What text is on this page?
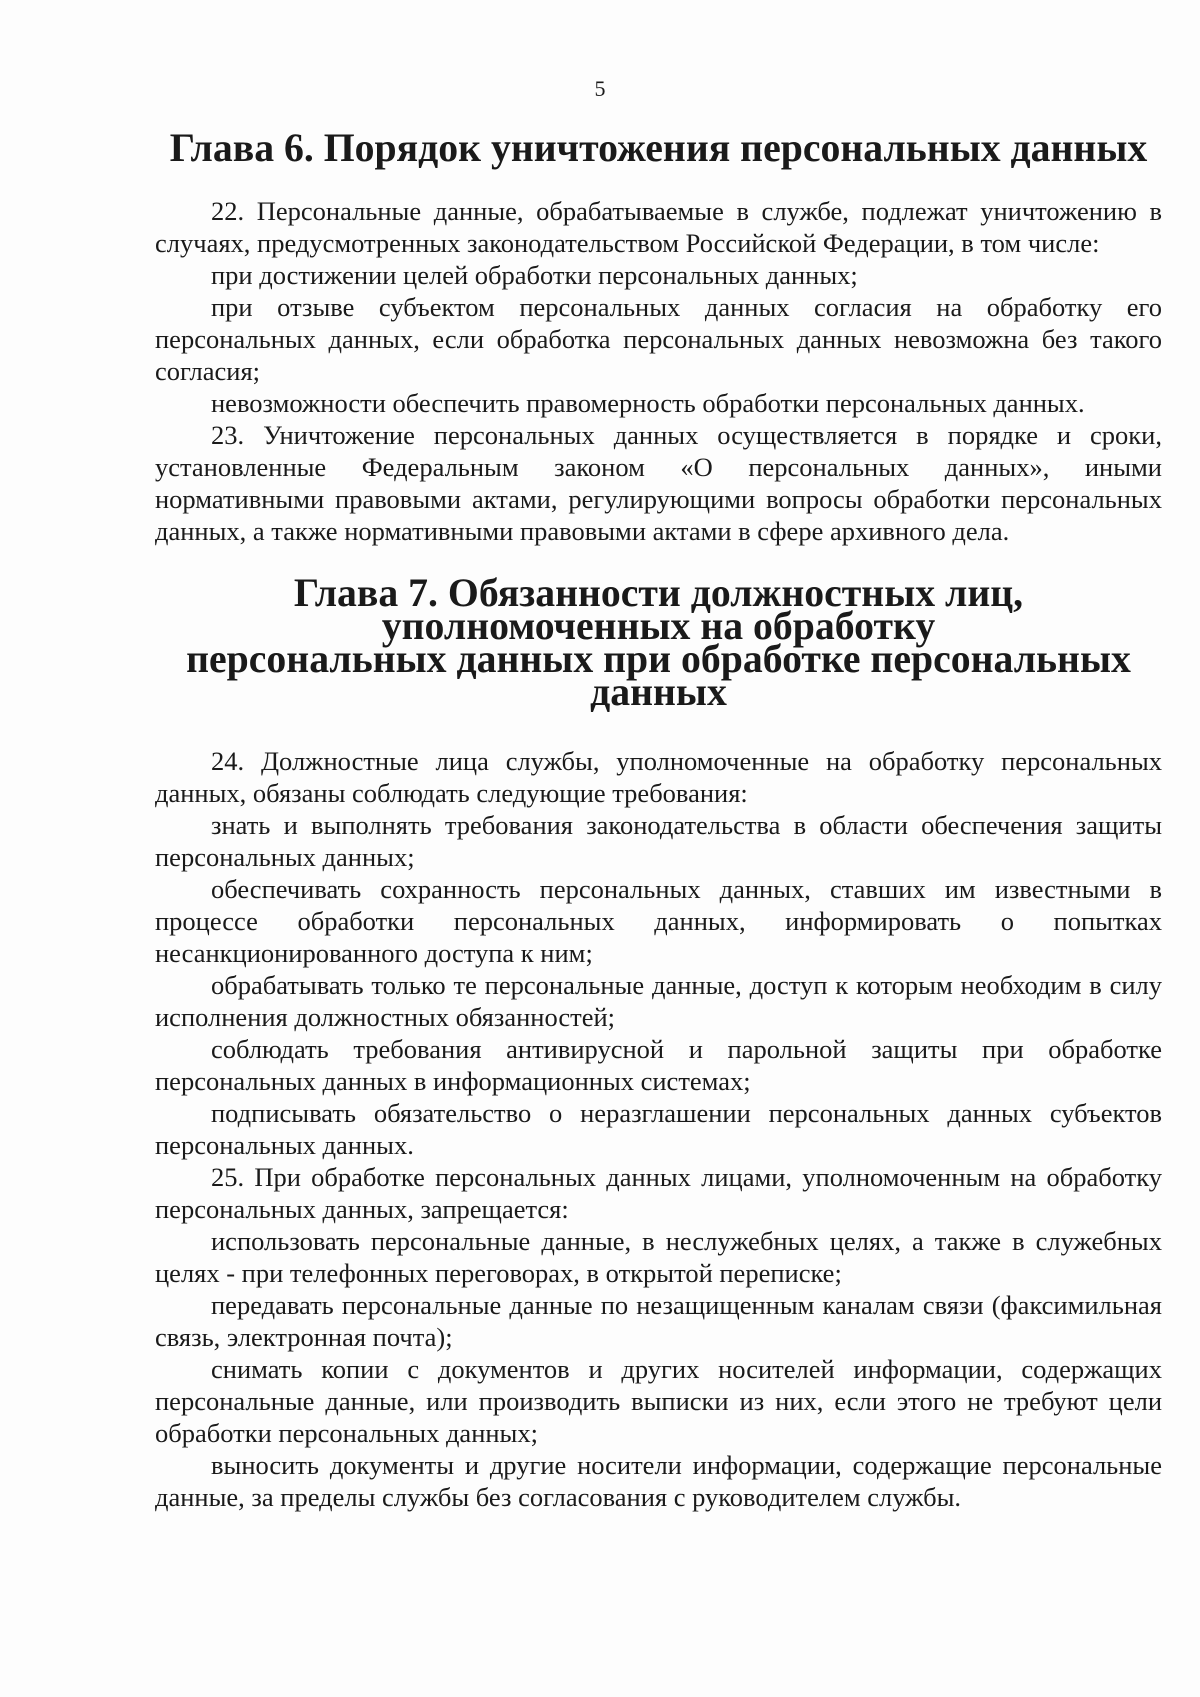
5
Глава 6. Порядок уничтожения персональных данных

22. Персональные данные, обрабатываемые в службе, подлежат уничтожению в случаях, предусмотренных законодательством Российской Федерации, в том числе:

при достижении целей обработки персональных данных;

при отзыве субъектом персональных данных согласия на обработку его персональных данных, если обработка персональных данных невозможна без такого согласия;

невозможности обеспечить правомерность обработки персональных данных.

23. Уничтожение персональных данных осуществляется в порядке и сроки, установленные Федеральным законом «О персональных данных», иными нормативными правовыми актами, регулирующими вопросы обработки персональных данных, а также нормативными правовыми актами в сфере архивного дела.

Глава 7. Обязанности должностных лиц, уполномоченных на обработку
персональных данных при обработке персональных данных

24. Должностные лица службы, уполномоченные на обработку персональных данных, обязаны соблюдать следующие требования:

знать и выполнять требования законодательства в области обеспечения защиты персональных данных;

обеспечивать сохранность персональных данных, ставших им известными в процессе обработки персональных данных, информировать о попытках несанкционированного доступа к ним;

обрабатывать только те персональные данные, доступ к которым необходим в силу исполнения должностных обязанностей;

соблюдать требования антивирусной и парольной защиты при обработке персональных данных в информационных системах;

подписывать обязательство о неразглашении персональных данных субъектов персональных данных.

25. При обработке персональных данных лицами, уполномоченным на обработку персональных данных, запрещается:

использовать персональные данные, в неслужебных целях, а также в служебных целях - при телефонных переговорах, в открытой переписке;

передавать персональные данные по незащищенным каналам связи (факсимильная связь, электронная почта);

снимать копии с документов и других носителей информации, содержащих персональные данные, или производить выписки из них, если этого не требуют цели обработки персональных данных;

выносить документы и другие носители информации, содержащие персональные данные, за пределы службы без согласования с руководителем службы.
